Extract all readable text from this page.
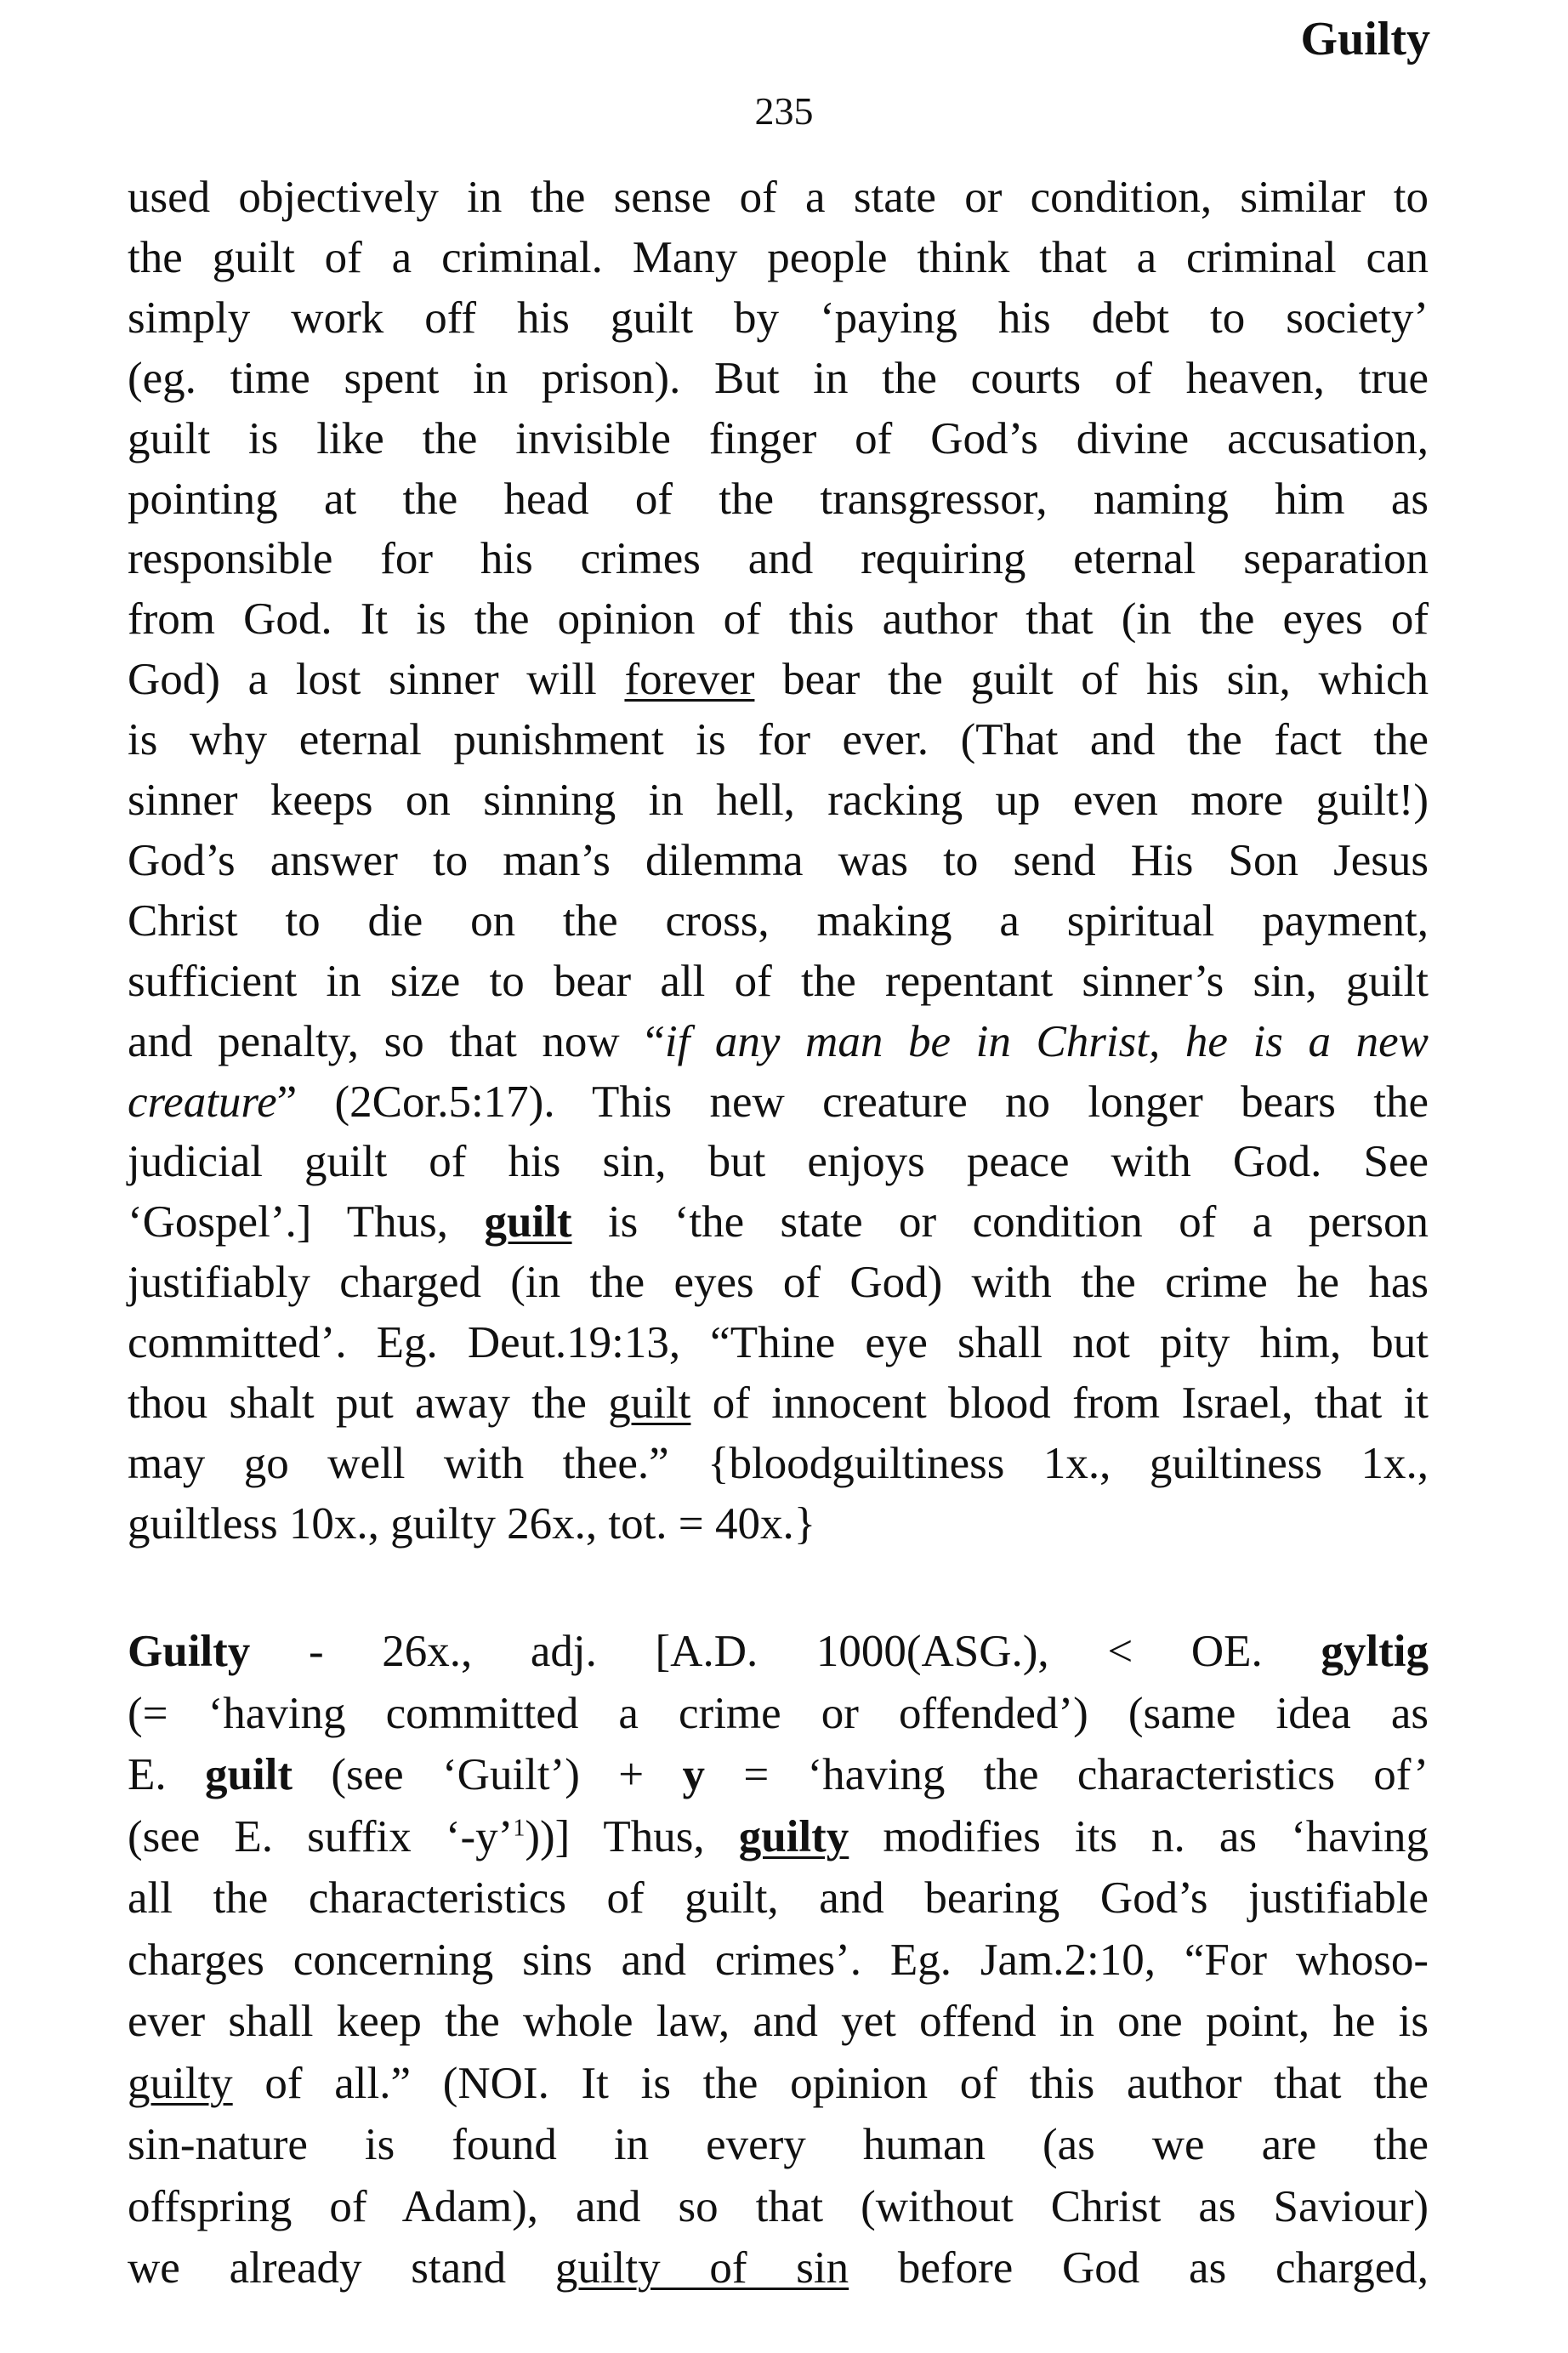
Guilty
235
used objectively in the sense of a state or condition, similar to
the guilt of a criminal. Many people think that a criminal can
simply work off his guilt by ‘paying his debt to society’
(eg. time spent in prison). But in the courts of heaven, true
guilt is like the invisible finger of God’s divine accusation,
pointing at the head of the transgressor, naming him as
responsible for his crimes and requiring eternal separation
from God. It is the opinion of this author that (in the eyes of
God) a lost sinner will forever bear the guilt of his sin, which
is why eternal punishment is for ever. (That and the fact the
sinner keeps on sinning in hell, racking up even more guilt!)
God’s answer to man’s dilemma was to send His Son Jesus
Christ to die on the cross, making a spiritual payment,
sufficient in size to bear all of the repentant sinner’s sin, guilt
and penalty, so that now “if any man be in Christ, he is a new
creature” (2Cor.5:17). This new creature no longer bears the
judicial guilt of his sin, but enjoys peace with God. See
‘Gospel’.] Thus, guilt is ‘the state or condition of a person
justifiably charged (in the eyes of God) with the crime he has
committed’. Eg. Deut.19:13, “Thine eye shall not pity him, but
thou shalt put away the guilt of innocent blood from Israel, that it
may go well with thee.” {bloodguiltiness 1x., guiltiness 1x.,
guiltless 10x., guilty 26x., tot. = 40x.}
Guilty - 26x., adj. [A.D. 1000(ASG.), < OE. gyltig
(= ‘having committed a crime or offended’) (same idea as
E. guilt (see ‘Guilt’) + y = ‘having the characteristics of’
(see E. suffix ‘-y’$^1$))] Thus, guilty modifies its n. as ‘having
all the characteristics of guilt, and bearing God’s justifiable
charges concerning sins and crimes’. Eg. Jam.2:10, “For whoso-
ever shall keep the whole law, and yet offend in one point, he is
guilty of all.” (NOI. It is the opinion of this author that the
sin-nature is found in every human (as we are the
offspring of Adam), and so that (without Christ as Saviour)
we already stand guilty of sin before God as charged,
